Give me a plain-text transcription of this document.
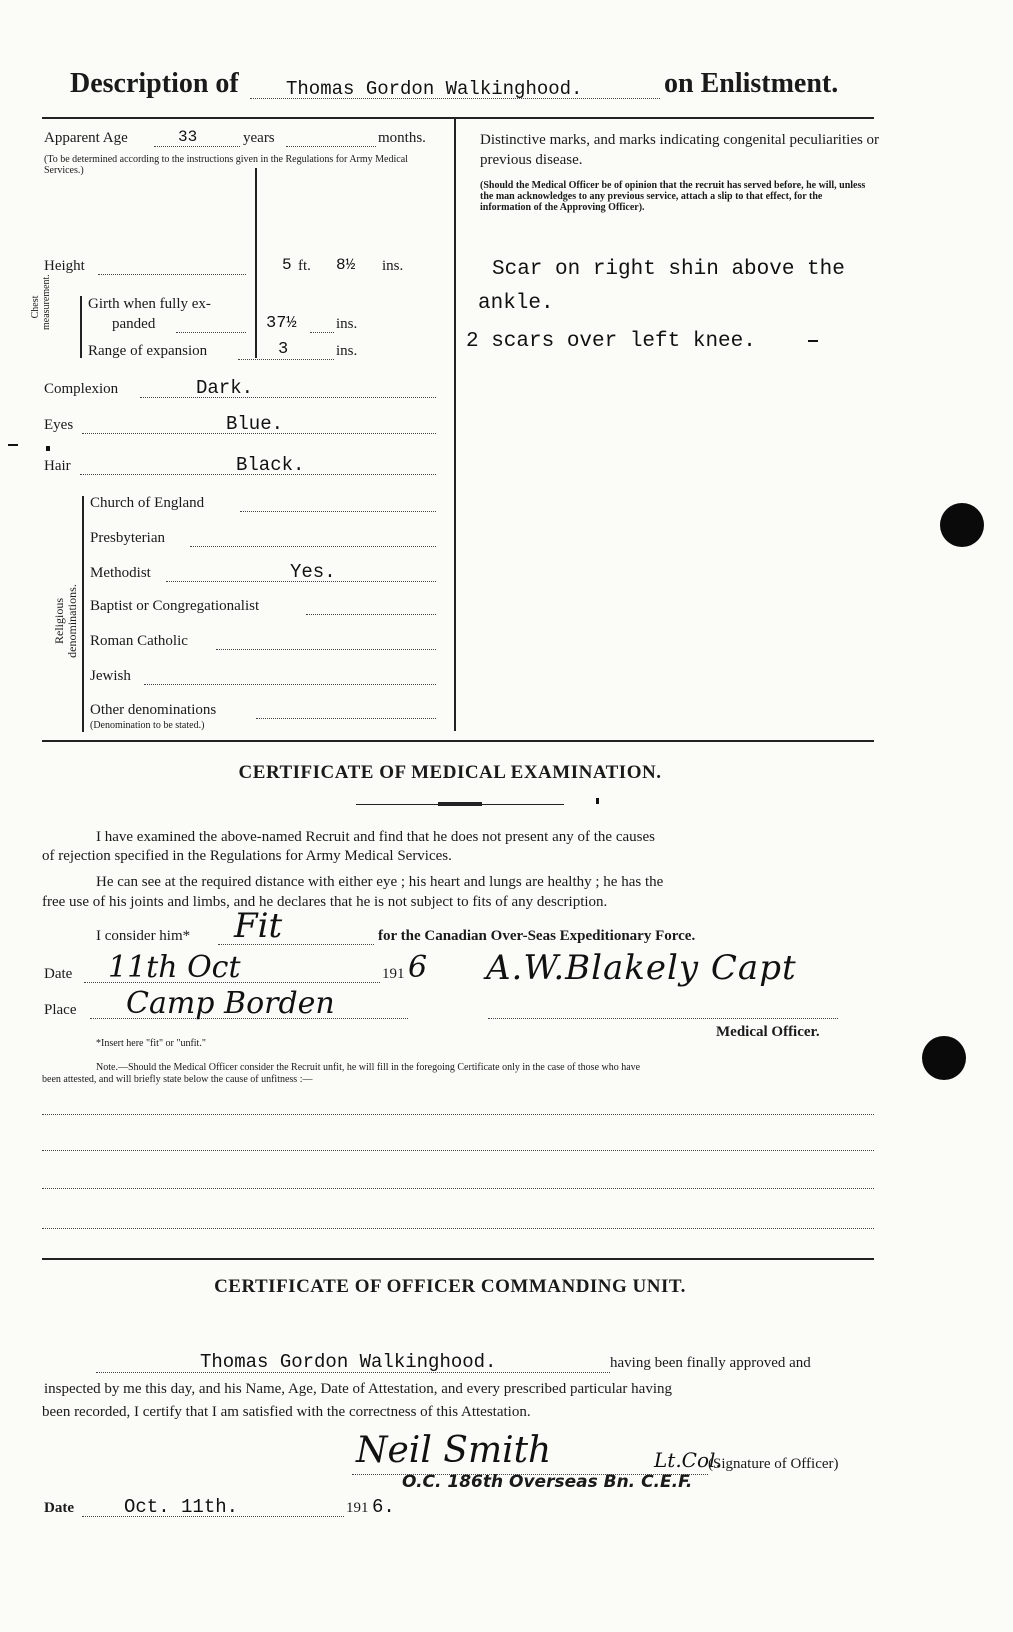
Description of Thomas Gordon Walkinghood.	on Enlistment.
Apparent Age	33	years	months.
(To be determined according to the instructions given in the Regulations for Army Medical Services.)
Distinctive marks, and marks indicating congenital peculiarities or previous disease.
(Should the Medical Officer be of opinion that the recruit has served before, he will, unless the man acknowledges to any previous service, attach a slip to that effect, for the information of the Approving Officer).
Scar on right shin above the
ankle.
2 scars over left knee.
Height	5 ft. 8½ ins.
Chest measurement. Girth when fully ex-
panded	37½	ins.
Range of expansion	3	ins.
Complexion	Dark.
Eyes	Blue.
Hair	Black.
Religious denominations.
Church of England
Presbyterian
Methodist	Yes.
Baptist or Congregationalist
Roman Catholic
Jewish
Other denominations
(Denomination to be stated.)
CERTIFICATE OF MEDICAL EXAMINATION.
I have examined the above-named Recruit and find that he does not present any of the causes
of rejection specified in the Regulations for Army Medical Services.
He can see at the required distance with either eye ; his heart and lungs are healthy ; he has the
free use of his joints and limbs, and he declares that he is not subject to fits of any description.
I consider him* Fit	for the Canadian Over-Seas Expeditionary Force.
Date 11th Oct	191 6 A.W.Blakely Capt
Place Camp Borden
Medical Officer.
*Insert here "fit" or "unfit."
Note.—Should the Medical Officer consider the Recruit unfit, he will fill in the foregoing Certificate only in the case of those who have
been attested, and will briefly state below the cause of unfitness :—
CERTIFICATE OF OFFICER COMMANDING UNIT.
Thomas Gordon Walkinghood.	having been finally approved and
inspected by me this day, and his Name, Age, Date of Attestation, and every prescribed particular having
been recorded, I certify that I am satisfied with the correctness of this Attestation.
Neil Smith	Lt.Col.
(Signature of Officer)
O.C. 186th Overseas Bn. C.E.F.
Date	Oct. 11th.	191 6.
